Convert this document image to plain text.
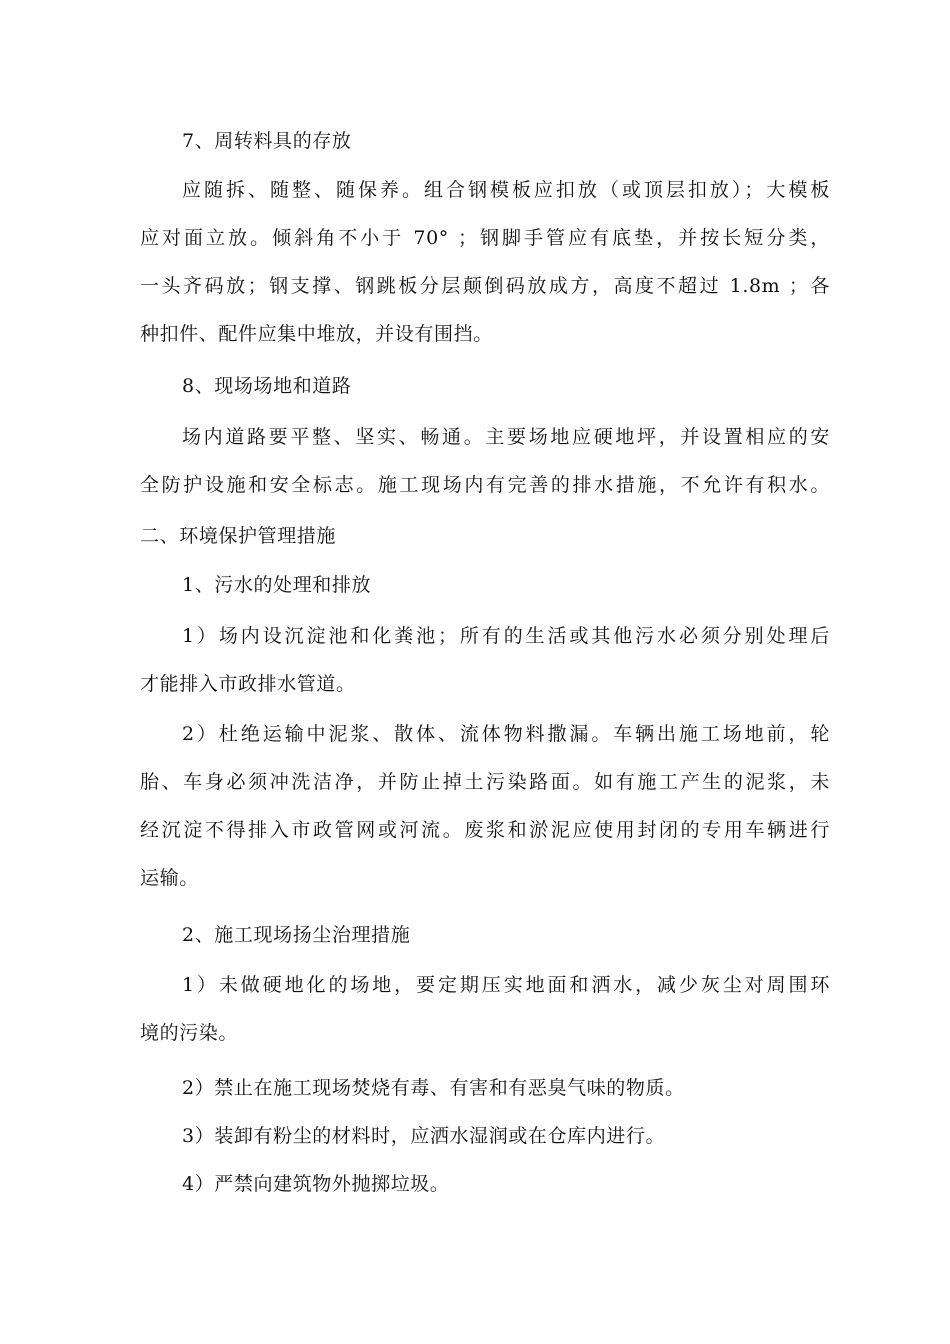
7、周转料具的存放

应随拆、随整、随保养。组合钢模板应扣放（或顶层扣放）；大模板
应对面立放。倾斜角不小于 70° ；钢脚手管应有底垫，并按长短分类，
一头齐码放；钢支撑、钢跳板分层颠倒码放成方，高度不超过 1.8m ；各
种扣件、配件应集中堆放，并设有围挡。

8、现场场地和道路

场内道路要平整、坚实、畅通。主要场地应硬地坪，并设置相应的安
全防护设施和安全标志。施工现场内有完善的排水措施，不允许有积水。

二、环境保护管理措施

1、污水的处理和排放

1）场内设沉淀池和化粪池；所有的生活或其他污水必须分别处理后
才能排入市政排水管道。

2）杜绝运输中泥浆、散体、流体物料撒漏。车辆出施工场地前，轮
胎、车身必须冲洗洁净，并防止掉土污染路面。如有施工产生的泥浆，未
经沉淀不得排入市政管网或河流。废浆和淤泥应使用封闭的专用车辆进行
运输。

2、施工现场扬尘治理措施

1）未做硬地化的场地，要定期压实地面和洒水，减少灰尘对周围环
境的污染。

2）禁止在施工现场焚烧有毒、有害和有恶臭气味的物质。

3）装卸有粉尘的材料时，应洒水湿润或在仓库内进行。

4）严禁向建筑物外抛掷垃圾。
